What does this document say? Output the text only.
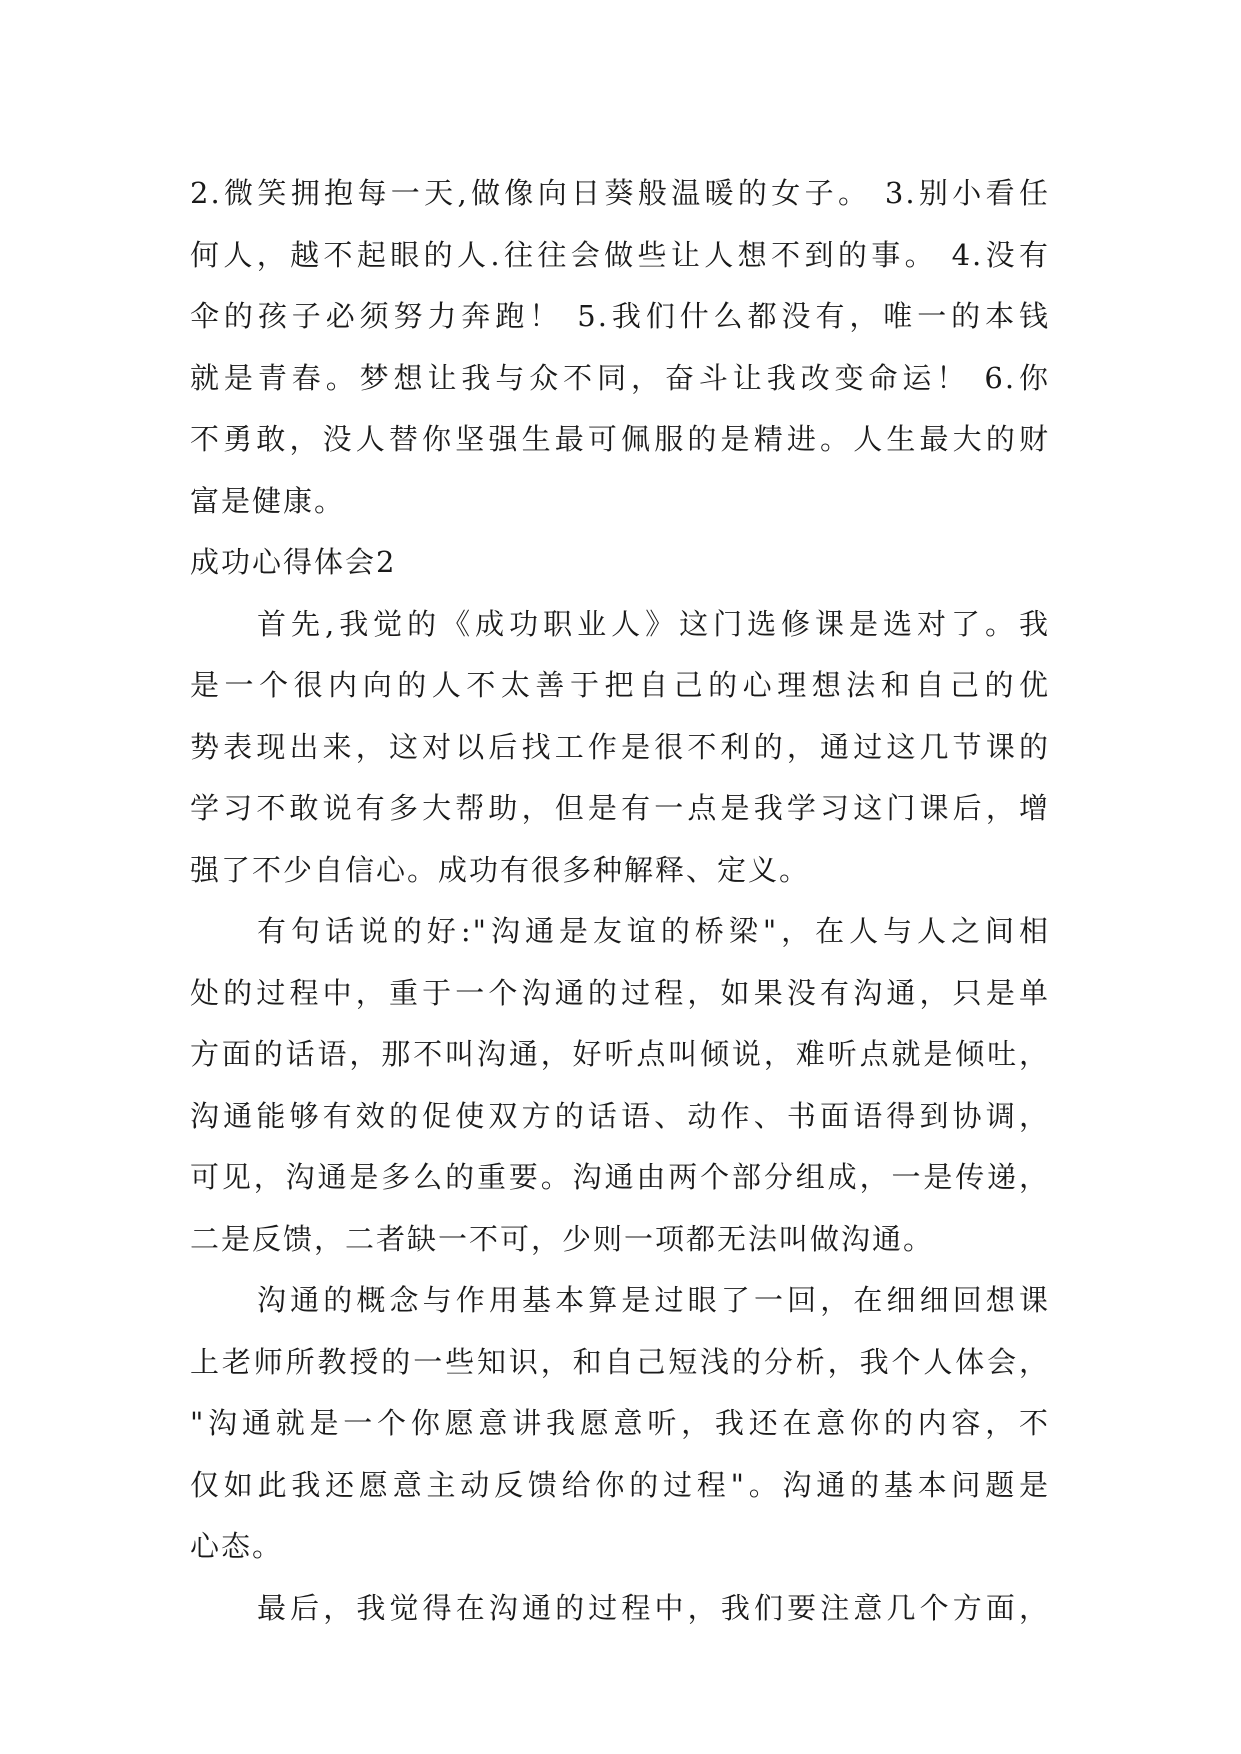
2.微笑拥抱每一天,做像向日葵般温暖的女子。 3.别小看任
何人，越不起眼的人.往往会做些让人想不到的事。 4.没有
伞的孩子必须努力奔跑！ 5.我们什么都没有，唯一的本钱
就是青春。梦想让我与众不同，奋斗让我改变命运！ 6.你
不勇敢，没人替你坚强生最可佩服的是精进。人生最大的财
富是健康。
成功心得体会2
首先,我觉的《成功职业人》这门选修课是选对了。我
是一个很内向的人不太善于把自己的心理想法和自己的优
势表现出来，这对以后找工作是很不利的，通过这几节课的
学习不敢说有多大帮助，但是有一点是我学习这门课后，增
强了不少自信心。成功有很多种解释、定义。
有句话说的好:"沟通是友谊的桥梁"，在人与人之间相
处的过程中，重于一个沟通的过程，如果没有沟通，只是单
方面的话语，那不叫沟通，好听点叫倾说，难听点就是倾吐，
沟通能够有效的促使双方的话语、动作、书面语得到协调，
可见，沟通是多么的重要。沟通由两个部分组成，一是传递，
二是反馈，二者缺一不可，少则一项都无法叫做沟通。
沟通的概念与作用基本算是过眼了一回，在细细回想课
上老师所教授的一些知识，和自己短浅的分析，我个人体会，
"沟通就是一个你愿意讲我愿意听，我还在意你的内容，不
仅如此我还愿意主动反馈给你的过程"。沟通的基本问题是
心态。
最后，我觉得在沟通的过程中，我们要注意几个方面，
